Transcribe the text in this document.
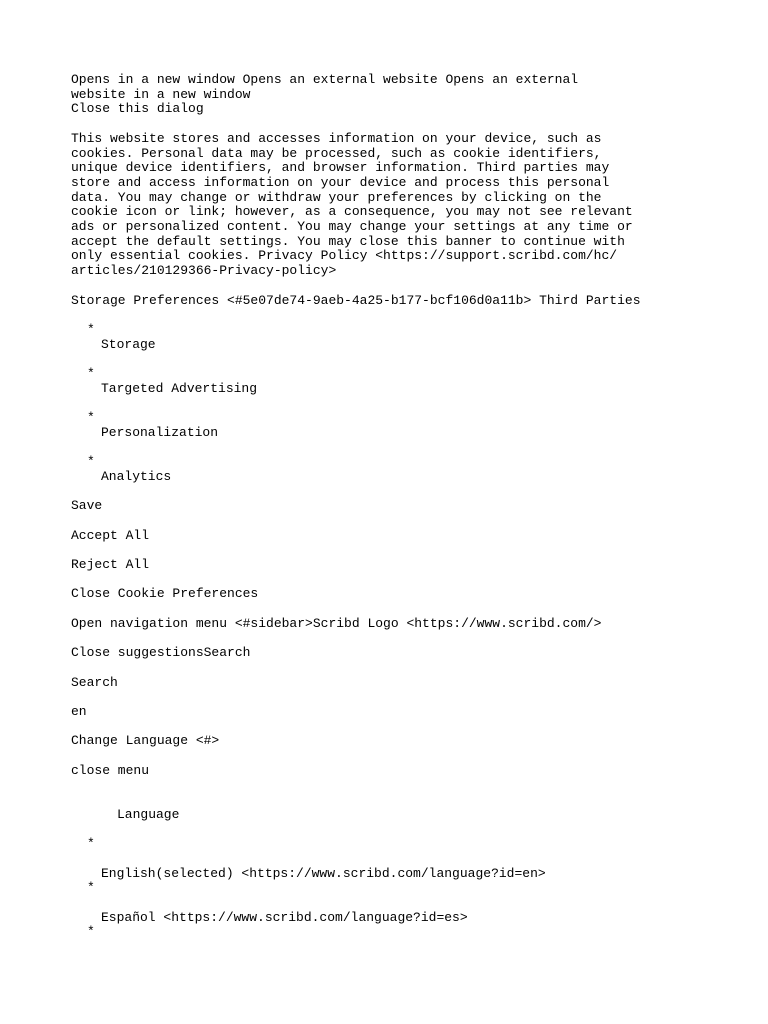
Opens in a new window Opens an external website Opens an external
website in a new window
Close this dialog
This website stores and accesses information on your device, such as
cookies. Personal data may be processed, such as cookie identifiers,
unique device identifiers, and browser information. Third parties may
store and access information on your device and process this personal
data. You may change or withdraw your preferences by clicking on the
cookie icon or link; however, as a consequence, you may not see relevant
ads or personalized content. You may change your settings at any time or
accept the default settings. You may close this banner to continue with
only essential cookies. Privacy Policy <https://support.scribd.com/hc/
articles/210129366-Privacy-policy>
Storage Preferences <#5e07de74-9aeb-4a25-b177-bcf106d0a11b> Third Parties
*
Storage
*
Targeted Advertising
*
Personalization
*
Analytics
Save
Accept All
Reject All
Close Cookie Preferences
Open navigation menu <#sidebar>Scribd Logo <https://www.scribd.com/>
Close suggestionsSearch
Search
en
Change Language <#>
close menu
Language
*
English(selected) <https://www.scribd.com/language?id=en>
*
Español <https://www.scribd.com/language?id=es>
*
